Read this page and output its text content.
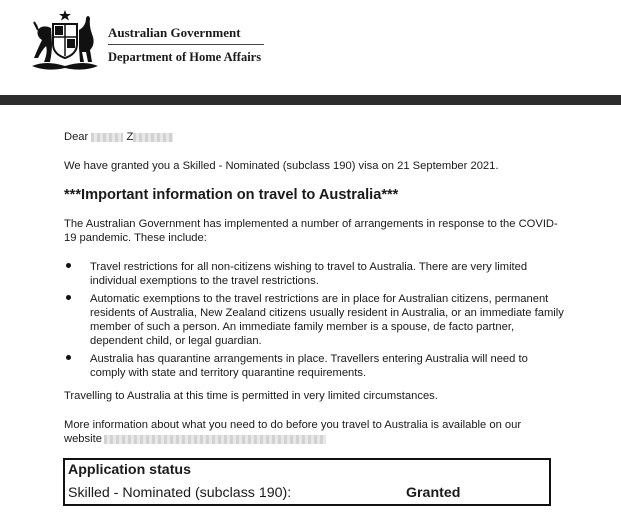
Australian Government
Department of Home Affairs
Dear	Z

We have granted you a Skilled - Nominated (subclass 190) visa on 21 September 2021.

***Important information on travel to Australia***

The Australian Government has implemented a number of arrangements in response to the COVID-19 pandemic. These include:

Travel restrictions for all non-citizens wishing to travel to Australia. There are very limited individual exemptions to the travel restrictions.
Automatic exemptions to the travel restrictions are in place for Australian citizens, permanent residents of Australia, New Zealand citizens usually resident in Australia, or an immediate family member of such a person. An immediate family member is a spouse, de facto partner, dependent child, or legal guardian.
Australia has quarantine arrangements in place. Travellers entering Australia will need to comply with state and territory quarantine requirements.

Travelling to Australia at this time is permitted in very limited circumstances.

More information about what you need to do before you travel to Australia is available on our
website
Application status
Skilled - Nominated (subclass 190):	Granted
